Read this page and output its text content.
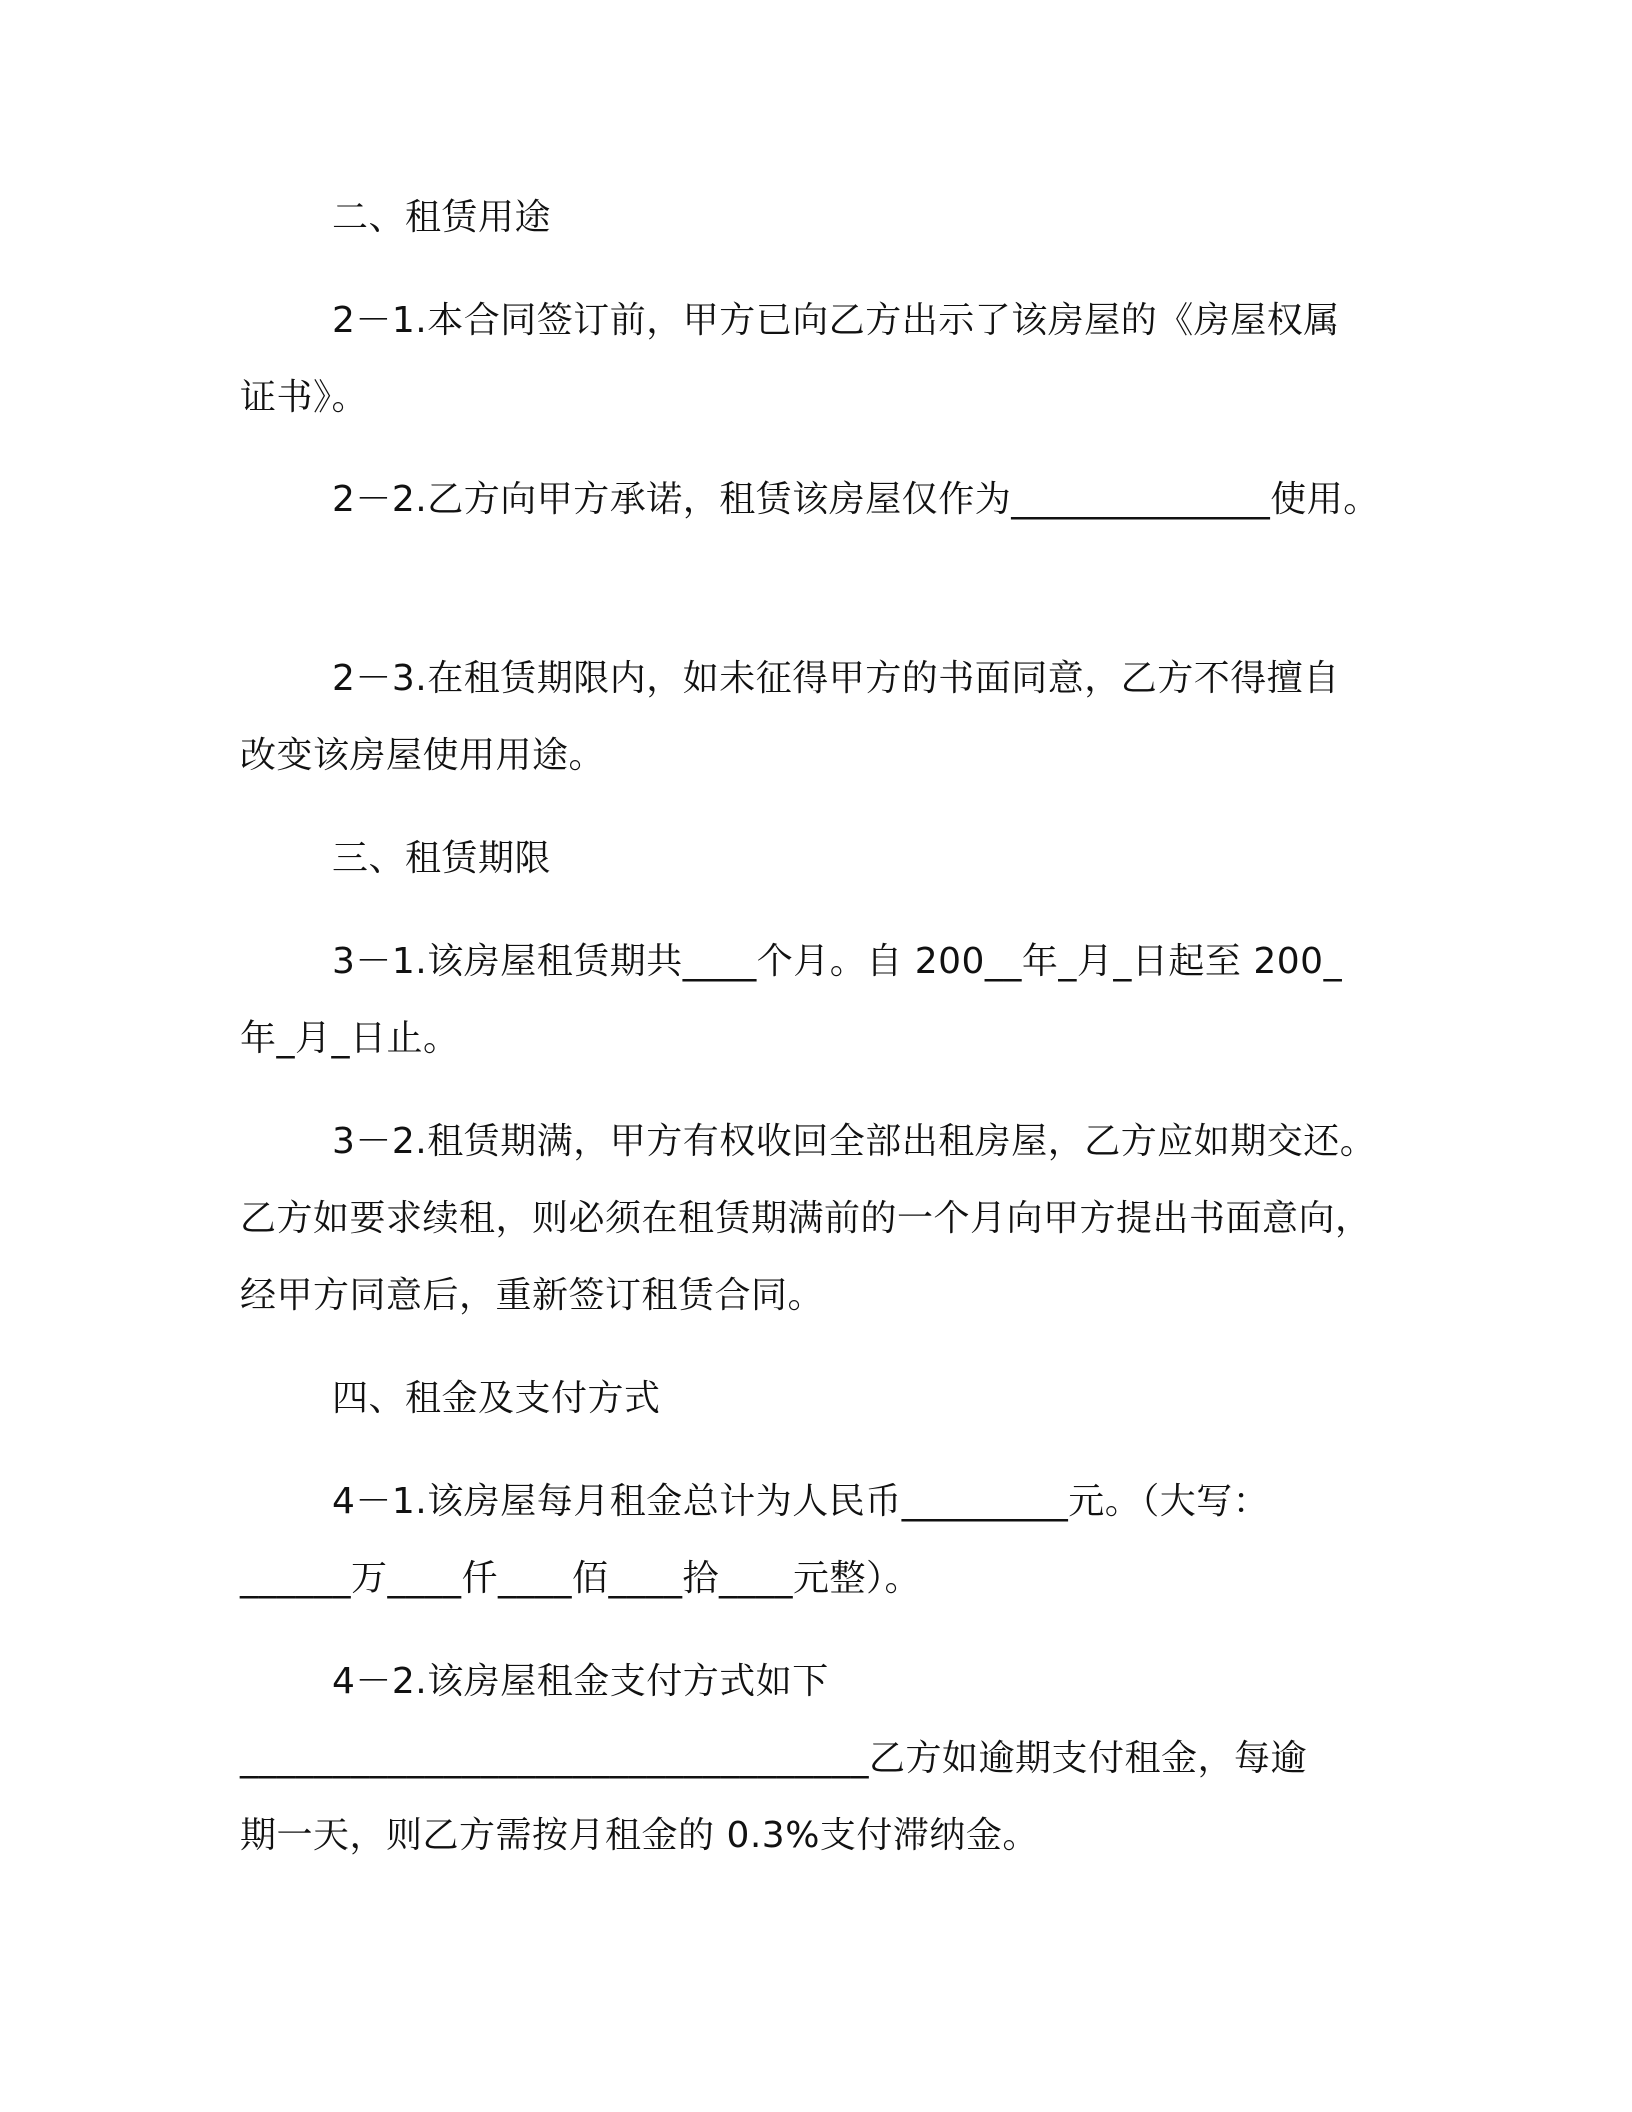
二、租赁用途
2－1.本合同签订前，甲方已向乙方出示了该房屋的《房屋权属
证书》。
2－2.乙方向甲方承诺，租赁该房屋仅作为______________使用。
2－3.在租赁期限内，如未征得甲方的书面同意，乙方不得擅自
改变该房屋使用用途。
三、租赁期限
3－1.该房屋租赁期共____个月。自 200__年_月_日起至 200_
年_月_日止。
3－2.租赁期满，甲方有权收回全部出租房屋，乙方应如期交还。
乙方如要求续租，则必须在租赁期满前的一个月向甲方提出书面意向，
经甲方同意后，重新签订租赁合同。
四、租金及支付方式
4－1.该房屋每月租金总计为人民币_________元。（大写：
______万____仟____佰____拾____元整）。
4－2.该房屋租金支付方式如下
__________________________________乙方如逾期支付租金，每逾
期一天，则乙方需按月租金的 0.3%支付滞纳金。
